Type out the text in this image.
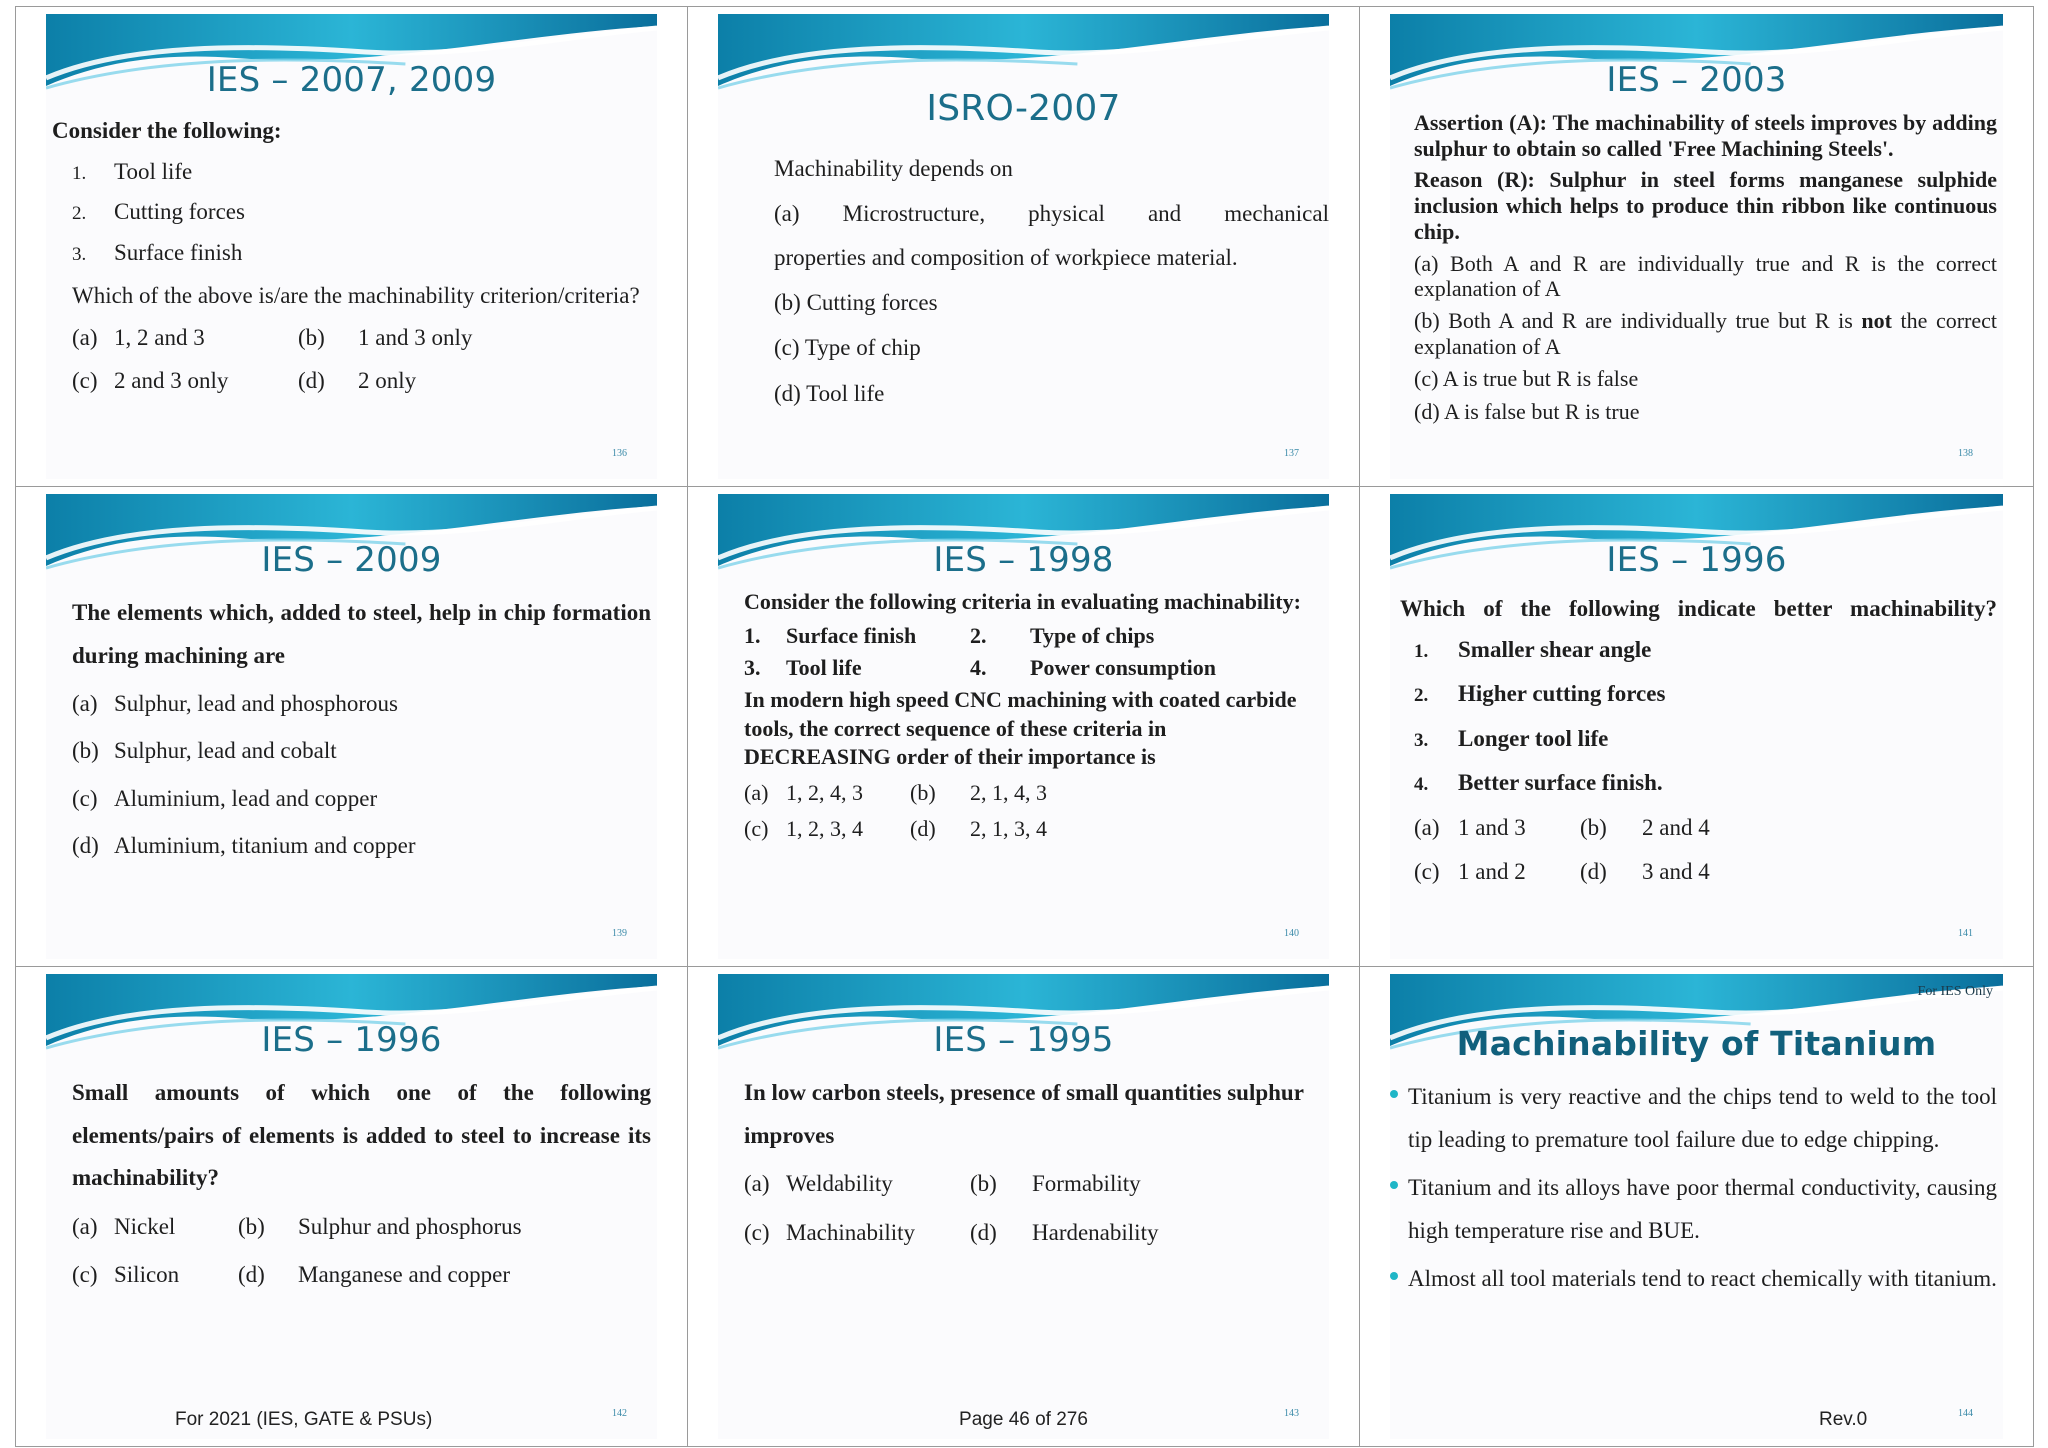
IES – 2007, 2009

Consider the following:

1.	Tool life
2.	Cutting forces
3.	Surface finish

Which of the above is/are the machinability criterion/criteria?

(a) 1, 2 and 3	(b)	1 and 3 only
(c) 2 and 3 only	(d)	2 only
136
ISRO-2007

Machinability depends on

(a) Microstructure, physical and mechanical

properties and composition of workpiece material.

(b) Cutting forces

(c) Type of chip

(d) Tool life

137
IES – 2003

Assertion (A): The machinability of steels improves by adding sulphur to obtain so called 'Free Machining Steels'.

Reason (R): Sulphur in steel forms manganese sulphide inclusion which helps to produce thin ribbon like continuous chip.

(a) Both A and R are individually true and R is the correct explanation of A

(b) Both A and R are individually true but R is not the correct explanation of A

(c) A is true but R is false

(d) A is false but R is true

138
IES – 2009

The elements which, added to steel, help in chip formation during machining are

(a) Sulphur, lead and phosphorous
(b) Sulphur, lead and cobalt
(c) Aluminium, lead and copper
(d) Aluminium, titanium and copper
139
IES – 1998

Consider the following criteria in evaluating machinability:

1.	Surface finish	2.	Type of chips
3.	Tool life	4.	Power consumption

In modern high speed CNC machining with coated carbide tools, the correct sequence of these criteria in DECREASING order of their importance is

(a) 1, 2, 4, 3	(b)	2, 1, 4, 3
(c) 1, 2, 3, 4	(d)	2, 1, 3, 4
140
IES – 1996

Which of the following indicate better machinability?

1.	Smaller shear angle
2.	Higher cutting forces
3.	Longer tool life
4.	Better surface finish.
(a) 1 and 3	(b)	2 and 4
(c) 1 and 2	(d)	3 and 4
141
IES – 1996

Small amounts of which one of the following elements/pairs of elements is added to steel to increase its machinability?

(a) Nickel	(b)	Sulphur and phosphorus
(c) Silicon	(d)	Manganese and copper
For 2021 (IES, GATE & PSUs)	142
IES – 1995

In low carbon steels, presence of small quantities sulphur improves

(a) Weldability	(b)	Formability
(c) Machinability	(d)	Hardenability
Page 46 of 276	143
For IES Only
Machinability of Titanium

Titanium is very reactive and the chips tend to weld to the tool tip leading to premature tool failure due to edge chipping.

Titanium and its alloys have poor thermal conductivity, causing high temperature rise and BUE.

Almost all tool materials tend to react chemically with titanium.

Rev.0	144
